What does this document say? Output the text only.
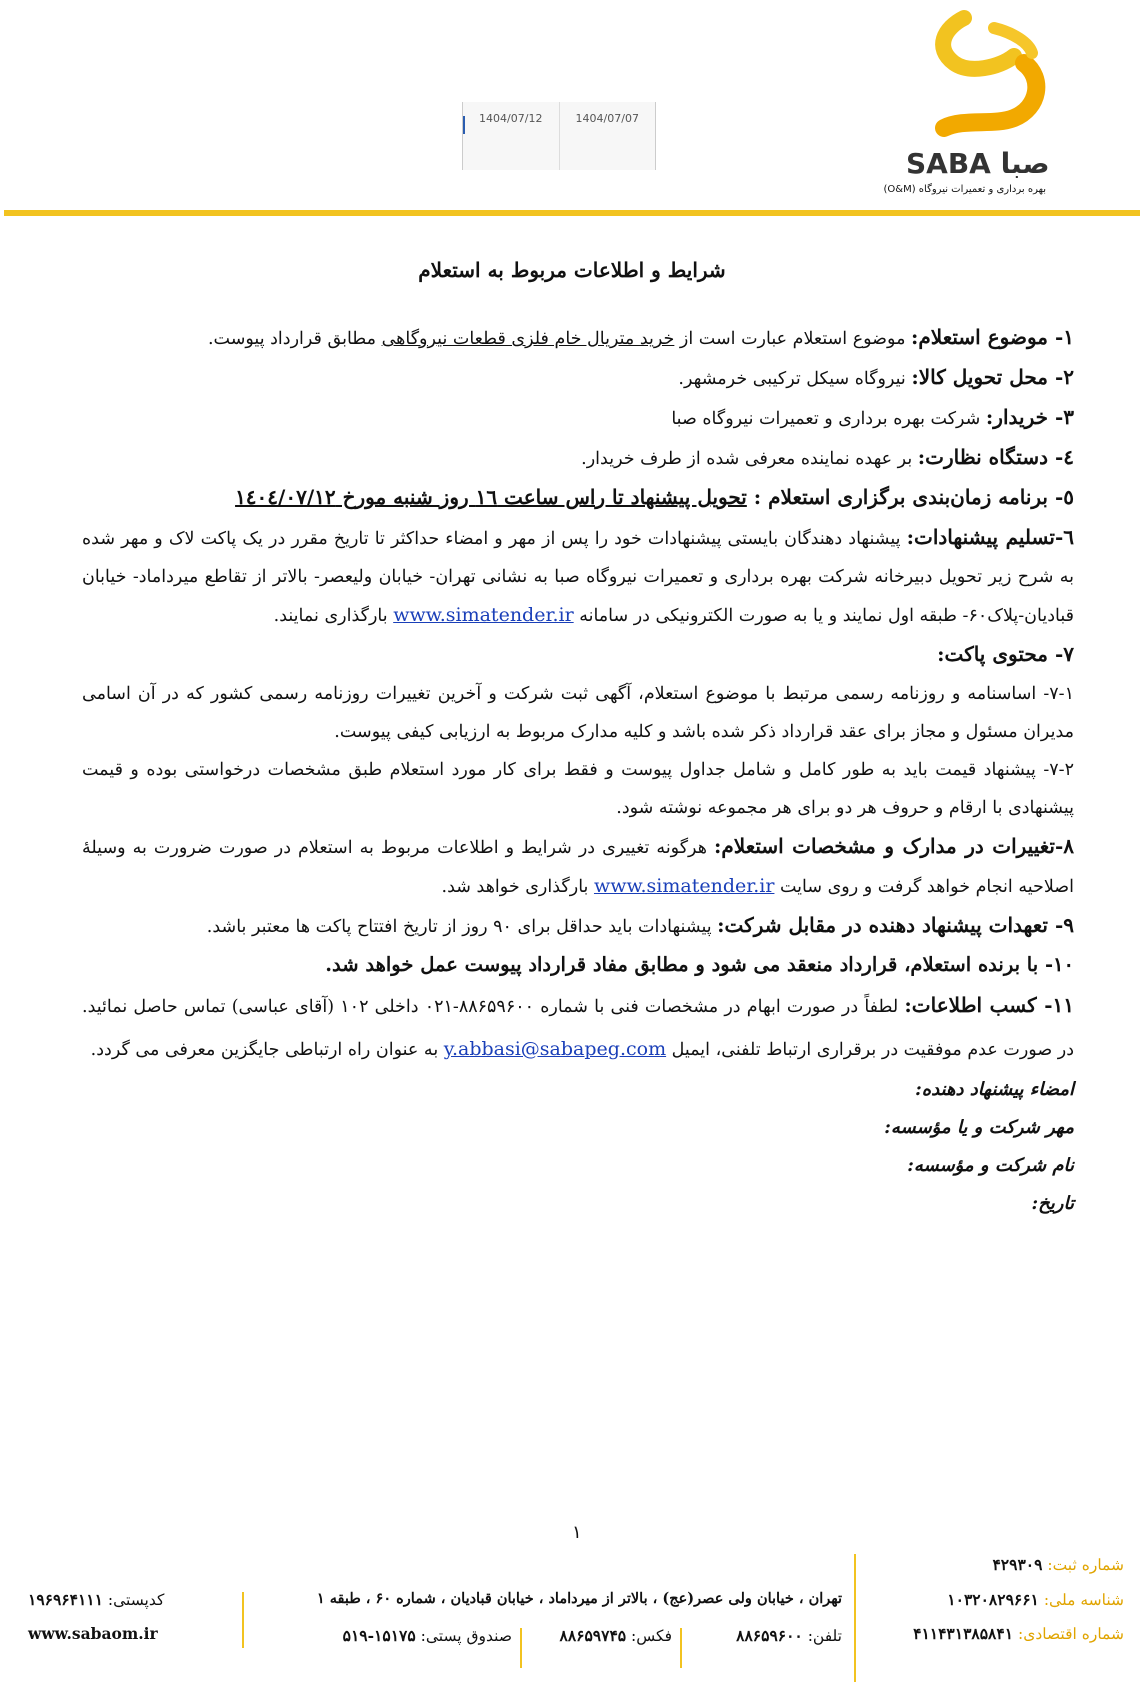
SABA صبا
بهره برداری و تعمیرات نیروگاه (O&M)
1404/07/12	1404/07/07
شرایط و اطلاعات مربوط به استعلام

۱- موضوع استعلام: موضوع استعلام عبارت است از خرید متریال خام فلزی قطعات نیروگاهی مطابق قرارداد پیوست.

۲- محل تحویل کالا: نیروگاه سیکل ترکیبی خرمشهر.

۳- خریدار: شرکت بهره برداری و تعمیرات نیروگاه صبا

٤- دستگاه نظارت: بر عهده نماینده معرفی شده از طرف خریدار.

٥- برنامه زمان‌بندی برگزاری استعلام : تحویل پیشنهاد تا راس ساعت ١٦ روز شنبه مورخ ١٤٠٤/٠٧/١٢

٦-تسلیم پیشنهادات: پیشنهاد دهندگان بایستی پیشنهادات خود را پس از مهر و امضاء حداکثر تا تاریخ مقرر در یک پاکت لاک و مهر شده به شرح زیر تحویل دبیرخانه شرکت بهره برداری و تعمیرات نیروگاه صبا به نشانی تهران- خیابان ولیعصر- بالاتر از تقاطع میرداماد- خیابان قبادیان-پلاک۶۰- طبقه اول نمایند و یا به صورت الکترونیکی در سامانه www.simatender.ir بارگذاری نمایند.

٧- محتوی پاکت:

۷-۱- اساسنامه و روزنامه رسمی مرتبط با موضوع استعلام، آگهی ثبت شرکت و آخرین تغییرات روزنامه رسمی کشور که در آن اسامی مدیران مسئول و مجاز برای عقد قرارداد ذکر شده باشد و کلیه مدارک مربوط به ارزیابی کیفی پیوست.

۷-۲- پیشنهاد قیمت باید به طور کامل و شامل جداول پیوست و فقط برای کار مورد استعلام طبق مشخصات درخواستی بوده و قیمت پیشنهادی با ارقام و حروف هر دو برای هر مجموعه نوشته شود.

٨-تغییرات در مدارک و مشخصات استعلام: هرگونه تغییری در شرایط و اطلاعات مربوط به استعلام در صورت ضرورت به وسیلهٔ اصلاحیه انجام خواهد گرفت و روی سایت www.simatender.ir بارگذاری خواهد شد.

٩- تعهدات پیشنهاد دهنده در مقابل شرکت: پیشنهادات باید حداقل برای ۹۰ روز از تاریخ افتتاح پاکت ها معتبر باشد.

١٠- با برنده استعلام، قرارداد منعقد می شود و مطابق مفاد قرارداد پیوست عمل خواهد شد.

١١- کسب اطلاعات: لطفاً در صورت ابهام در مشخصات فنی با شماره ۸۸۶۵۹۶۰۰-۰۲۱ داخلی ۱۰۲ (آقای عباسی) تماس حاصل نمائید. در صورت عدم موفقیت در برقراری ارتباط تلفنی، ایمیل y.abbasi@sabapeg.com به عنوان راه ارتباطی جایگزین معرفی می گردد.

امضاء پیشنهاد دهنده:

مهر شرکت و یا مؤسسه:

نام شرکت و مؤسسه:

تاریخ:

١
شماره ثبت: ۴۲۹۳۰۹
شناسه ملی: ۱۰۳۲۰۸۲۹۶۶۱
شماره اقتصادی: ۴۱۱۴۳۱۳۸۵۸۴۱
تهران ، خیابان ولی عصر(عج) ، بالاتر از میرداماد ، خیابان قبادیان ، شماره ۶۰ ، طبقه ۱
تلفن: ۸۸۶۵۹۶۰۰
فکس: ۸۸۶۵۹۷۴۵
صندوق پستی: ۱۵۱۷۵-۵۱۹
کدپستی: ۱۹۶۹۶۴۱۱۱
www.sabaom.ir
